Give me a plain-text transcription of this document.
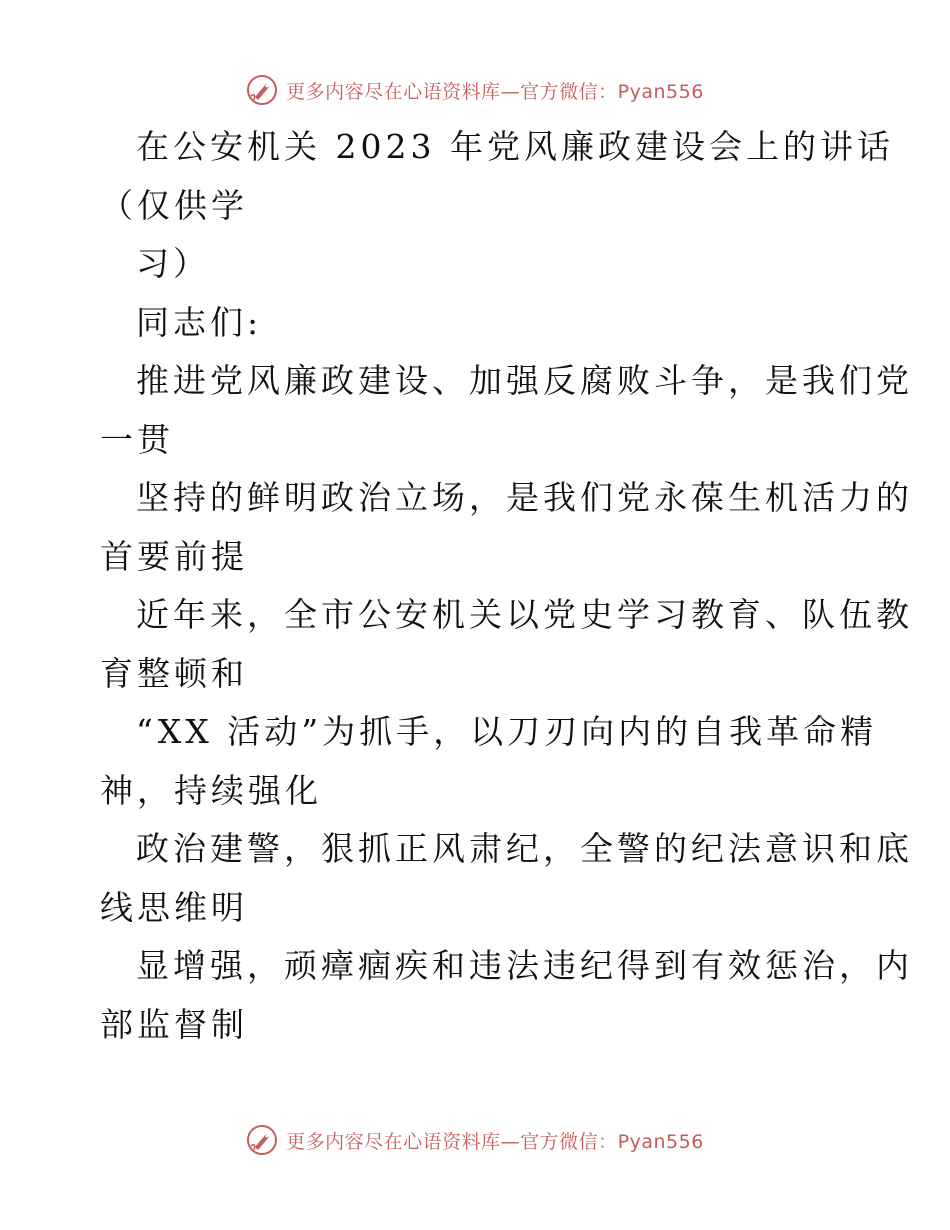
更多内容尽在心语资料库—官方微信：Pyan556
在公安机关 2023 年党风廉政建设会上的讲话
（仅供学
习）
同志们:
推进党风廉政建设、加强反腐败斗争，是我们党
一贯
坚持的鲜明政治立场，是我们党永葆生机活力的
首要前提
近年来，全市公安机关以党史学习教育、队伍教
育整顿和
“XX 活动”为抓手，以刀刃向内的自我革命精
神，持续强化
政治建警，狠抓正风肃纪，全警的纪法意识和底
线思维明
显增强，顽瘴痼疾和违法违纪得到有效惩治，内
部监督制
更多内容尽在心语资料库—官方微信：Pyan556
